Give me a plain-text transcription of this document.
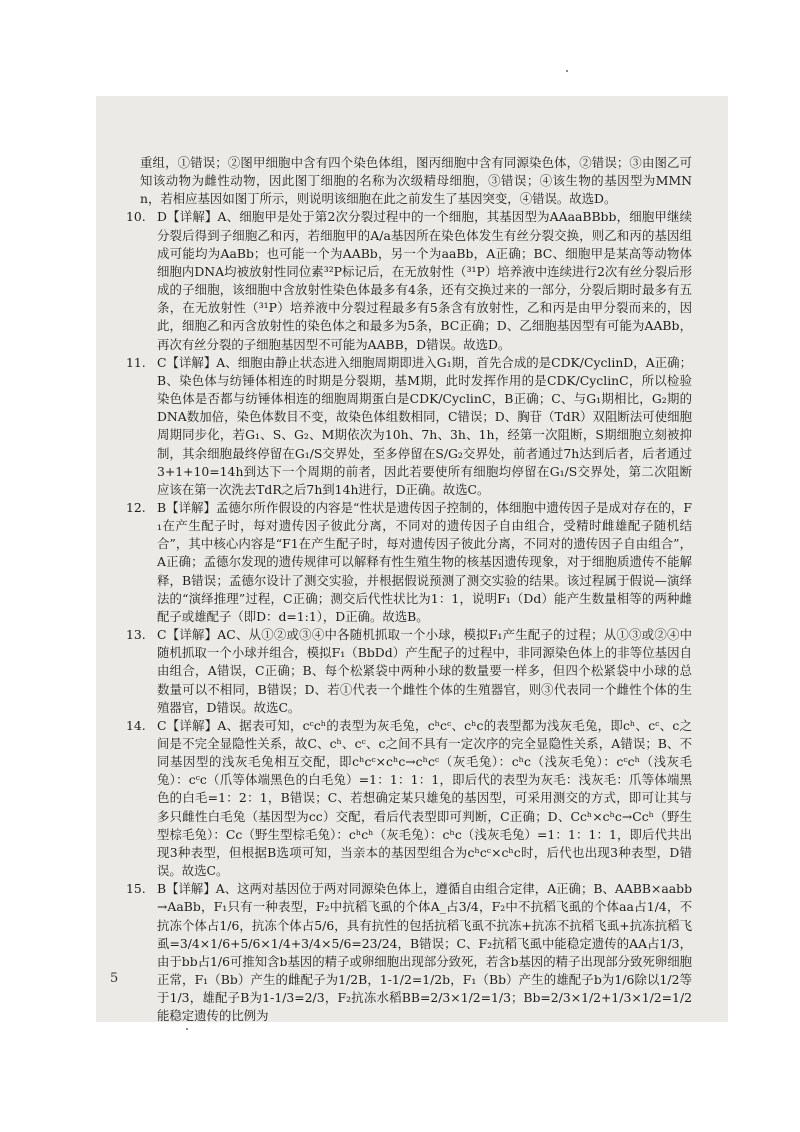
重组，①错误；②图甲细胞中含有四个染色体组，图丙细胞中含有同源染色体，②错误；③由图乙可知该动物为雌性动物，因此图丁细胞的名称为次级精母细胞，③错误；④该生物的基因型为MMNn，若相应基因如图丁所示，则说明该细胞在此之前发生了基因突变，④错误。故选D。

10. D【详解】A、细胞甲是处于第2次分裂过程中的一个细胞，其基因型为AAaaBBbb，细胞甲继续分裂后得到子细胞乙和丙，若细胞甲的A/a基因所在染色体发生有丝分裂交换，则乙和丙的基因组成可能均为AaBb；也可能一个为AABb，另一个为aaBb，A正确；BC、细胞甲是某高等动物体细胞内DNA均被放射性同位素³²P标记后，在无放射性（³¹P）培养液中连续进行2次有丝分裂后形成的子细胞，该细胞中含放射性染色体最多有4条，还有交换过来的一部分，分裂后期时最多有五条，在无放射性（³¹P）培养液中分裂过程最多有5条含有放射性，乙和丙是由甲分裂而来的，因此，细胞乙和丙含放射性的染色体之和最多为5条，BC正确；D、乙细胞基因型有可能为AABb，再次有丝分裂的子细胞基因型不可能为AABB，D错误。故选D。

11. C【详解】A、细胞由静止状态进入细胞周期即进入G₁期，首先合成的是CDK/CyclinD，A正确；B、染色体与纺锤体相连的时期是分裂期，基M期，此时发挥作用的是CDK/CyclinC，所以检验染色体是否都与纺锤体相连的细胞周期蛋白是CDK/CyclinC，B正确；C、与G₁期相比，G₂期的DNA数加倍，染色体数目不变，故染色体组数相同，C错误；D、胸苷（TdR）双阻断法可使细胞周期同步化，若G₁、S、G₂、M期依次为10h、7h、3h、1h，经第一次阻断，S期细胞立刻被抑制，其余细胞最终停留在G₁/S交界处，至多停留在S/G₂交界处，前者通过7h达到后者，后者通过3+1+10=14h到达下一个周期的前者，因此若要使所有细胞均停留在G₁/S交界处，第二次阻断应该在第一次洗去TdR之后7h到14h进行，D正确。故选C。

12. B【详解】孟德尔所作假设的内容是“性状是遗传因子控制的，体细胞中遗传因子是成对存在的，F₁在产生配子时，每对遗传因子彼此分离，不同对的遗传因子自由组合，受精时雌雄配子随机结合”，其中核心内容是“F1在产生配子时，每对遗传因子彼此分离，不同对的遗传因子自由组合”，A正确；孟德尔发现的遗传规律可以解释有性生殖生物的核基因遗传现象，对于细胞质遗传不能解释，B错误；孟德尔设计了测交实验，并根据假说预测了测交实验的结果。该过程属于假说—演绎法的“演绎推理”过程，C正确；测交后代性状比为1：1，说明F₁（Dd）能产生数量相等的两种雌配子或雄配子（即D：d=1:1），D正确。故选B。

13. C【详解】AC、从①②或③④中各随机抓取一个小球，模拟F₁产生配子的过程；从①③或②④中随机抓取一个小球并组合，模拟F₁（BbDd）产生配子的过程中，非同源染色体上的非等位基因自由组合，A错误，C正确；B、每个松紧袋中两种小球的数量要一样多，但四个松紧袋中小球的总数量可以不相同，B错误；D、若①代表一个雌性个体的生殖器官，则③代表同一个雌性个体的生殖器官，D错误。故选C。

14. C【详解】A、据表可知，cᶜcʰ的表型为灰毛兔，cʰcᶜ、cʰc的表型都为浅灰毛兔，即cʰ、cᶜ、c之间是不完全显隐性关系，故C、cʰ、cᶜ、c之间不具有一定次序的完全显隐性关系，A错误；B、不同基因型的浅灰毛兔相互交配，即cʰcᶜ×cʰc→cʰcᶜ（灰毛兔）：cʰc（浅灰毛兔）：cᶜcʰ（浅灰毛兔）：cᶜc（爪等体端黑色的白毛兔）=1：1：1：1，即后代的表型为灰毛：浅灰毛：爪等体端黑色的白毛=1：2：1，B错误；C、若想确定某只雄兔的基因型，可采用测交的方式，即可让其与多只雌性白毛兔（基因型为cc）交配，看后代表型即可判断，C正确；D、Ccʰ×cʰc→Ccʰ（野生型棕毛兔）：Cc（野生型棕毛兔）：cʰcʰ（灰毛兔）：cʰc（浅灰毛兔）=1：1：1：1，即后代共出现3种表型，但根据B选项可知，当亲本的基因型组合为cʰcᶜ×cʰc时，后代也出现3种表型，D错误。故选C。

15. B【详解】A、这两对基因位于两对同源染色体上，遵循自由组合定律，A正确；B、AABB×aabb→AaBb，F₁只有一种表型，F₂中抗稻飞虱的个体A_占3/4，F₂中不抗稻飞虱的个体aa占1/4，不抗冻个体占1/6，抗冻个体占5/6，具有抗性的包括抗稻飞虱不抗冻+抗冻不抗稻飞虱+抗冻抗稻飞虱=3/4×1/6+5/6×1/4+3/4×5/6=23/24，B错误；C、F₂抗稻飞虱中能稳定遗传的AA占1/3，由于bb占1/6可推知含b基因的精子或卵细胞出现部分致死，若含b基因的精子出现部分致死卵细胞正常，F₁（Bb）产生的雌配子为1/2B，1-1/2=1/2b，F₁（Bb）产生的雄配子b为1/6除以1/2等于1/3，雄配子B为1-1/3=2/3，F₂抗冻水稻BB=2/3×1/2=1/3；Bb=2/3×1/2+1/3×1/2=1/2能稳定遗传的比例为

5
